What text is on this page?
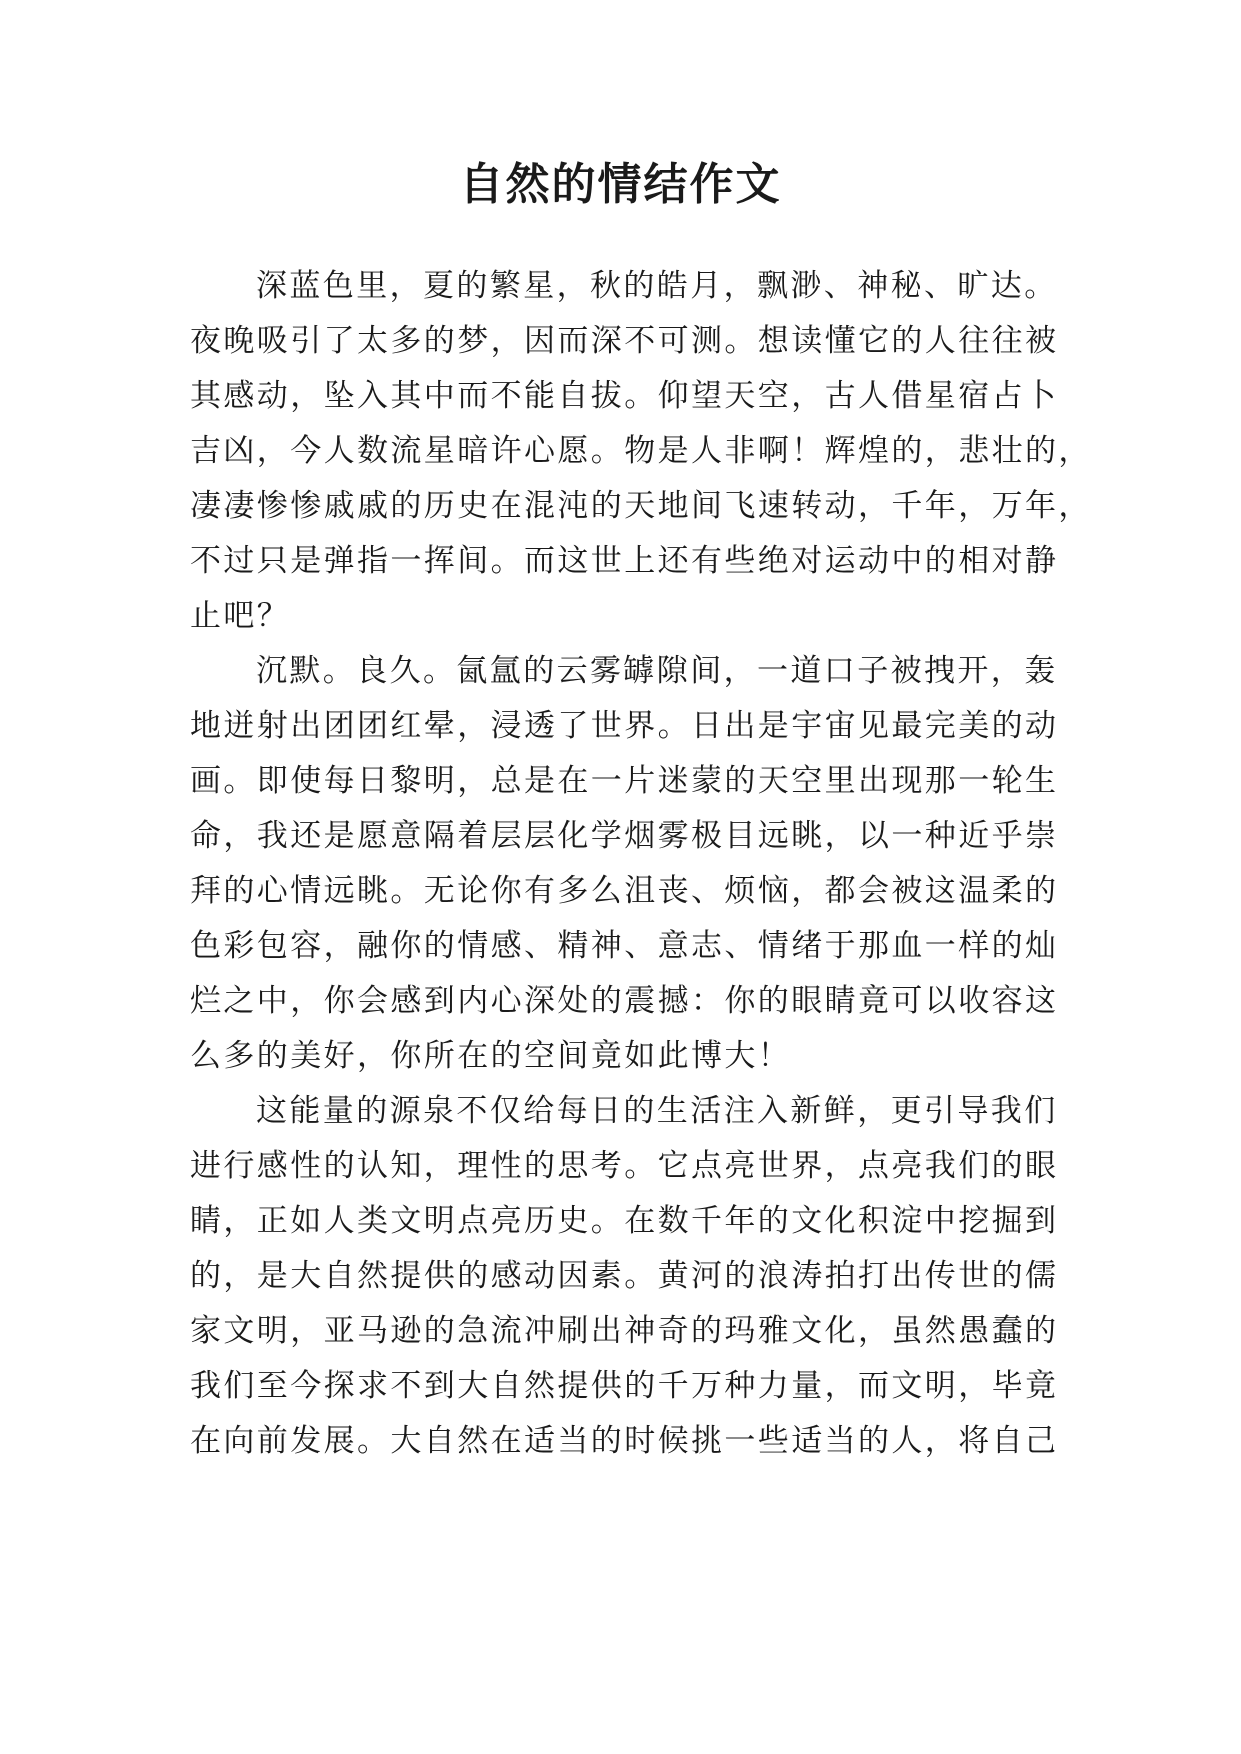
自然的情结作文
深蓝色里，夏的繁星，秋的皓月，飘渺、神秘、旷达。
夜晚吸引了太多的梦，因而深不可测。想读懂它的人往往被
其感动，坠入其中而不能自拔。仰望天空，古人借星宿占卜
吉凶，今人数流星暗许心愿。物是人非啊！辉煌的，悲壮的，
凄凄惨惨戚戚的历史在混沌的天地间飞速转动，千年，万年，
不过只是弹指一挥间。而这世上还有些绝对运动中的相对静
止吧？
沉默。良久。氤氲的云雾罅隙间，一道口子被拽开，轰
地迸射出团团红晕，浸透了世界。日出是宇宙见最完美的动
画。即使每日黎明，总是在一片迷蒙的天空里出现那一轮生
命，我还是愿意隔着层层化学烟雾极目远眺，以一种近乎崇
拜的心情远眺。无论你有多么沮丧、烦恼，都会被这温柔的
色彩包容，融你的情感、精神、意志、情绪于那血一样的灿
烂之中，你会感到内心深处的震撼：你的眼睛竟可以收容这
么多的美好，你所在的空间竟如此博大！
这能量的源泉不仅给每日的生活注入新鲜，更引导我们
进行感性的认知，理性的思考。它点亮世界，点亮我们的眼
睛，正如人类文明点亮历史。在数千年的文化积淀中挖掘到
的，是大自然提供的感动因素。黄河的浪涛拍打出传世的儒
家文明，亚马逊的急流冲刷出神奇的玛雅文化，虽然愚蠢的
我们至今探求不到大自然提供的千万种力量，而文明，毕竟
在向前发展。大自然在适当的时候挑一些适当的人，将自己
